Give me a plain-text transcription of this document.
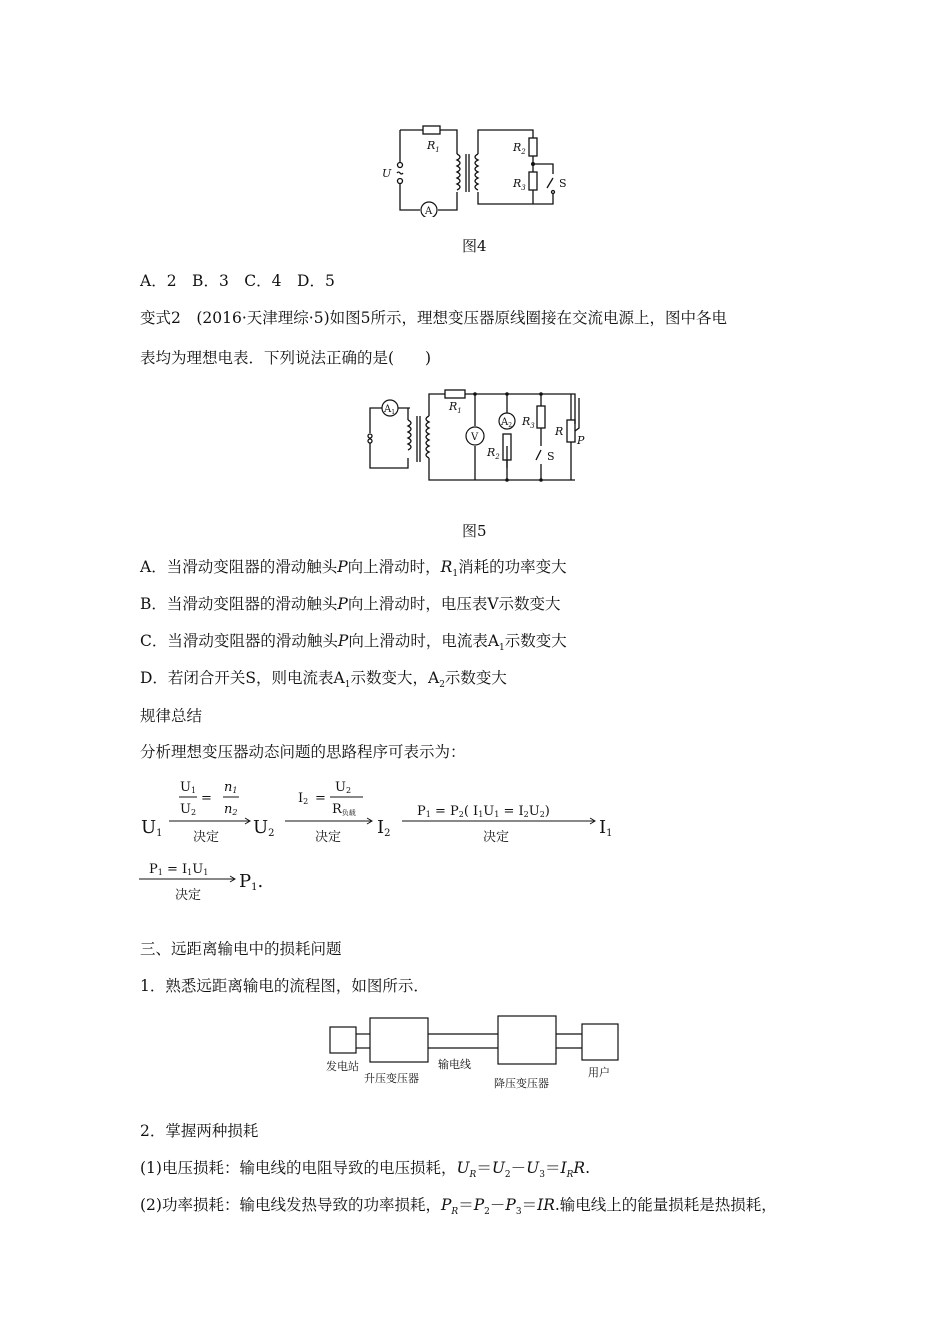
A
$R_1$
U
$R_2$
$R_3$	S
图4
A．2　B．3　C．4　D．5
变式2　(2016·天津理综·5)如图5所示，理想变压器原线圈接在交流电源上，图中各电
表均为理想电表．下列说法正确的是(　　)
$A_1$
V
$A_2$
$R_1$
$R_2$
$R_3$ R
P
S
图5
A．当滑动变阻器的滑动触头P向上滑动时，$R_1$消耗的功率变大
B．当滑动变阻器的滑动触头P向上滑动时，电压表V示数变大
C．当滑动变阻器的滑动触头P向上滑动时，电流表$A_1$示数变大
D．若闭合开关S，则电流表$A_1$示数变大，$A_2$示数变大
规律总结
分析理想变压器动态问题的思路程序可表示为：
U1
U1
U2
=
n1
n2
决定 U2
I2 =
U2
R负载
决定 I2
P1 = P2( I1U1 = I2U2)
决定	I1
P1 = I1U1
决定
P1.
三、远距离输电中的损耗问题
1．熟悉远距离输电的流程图，如图所示．
发电站
升压变压器
输电线
降压变压器
用户
2．掌握两种损耗
(1)电压损耗：输电线的电阻导致的电压损耗，$U_R=U_2-U_3=I_RR$.
(2)功率损耗：输电线发热导致的功率损耗，$P_R=P_2-P_3=IR$.输电线上的能量损耗是热损耗，
